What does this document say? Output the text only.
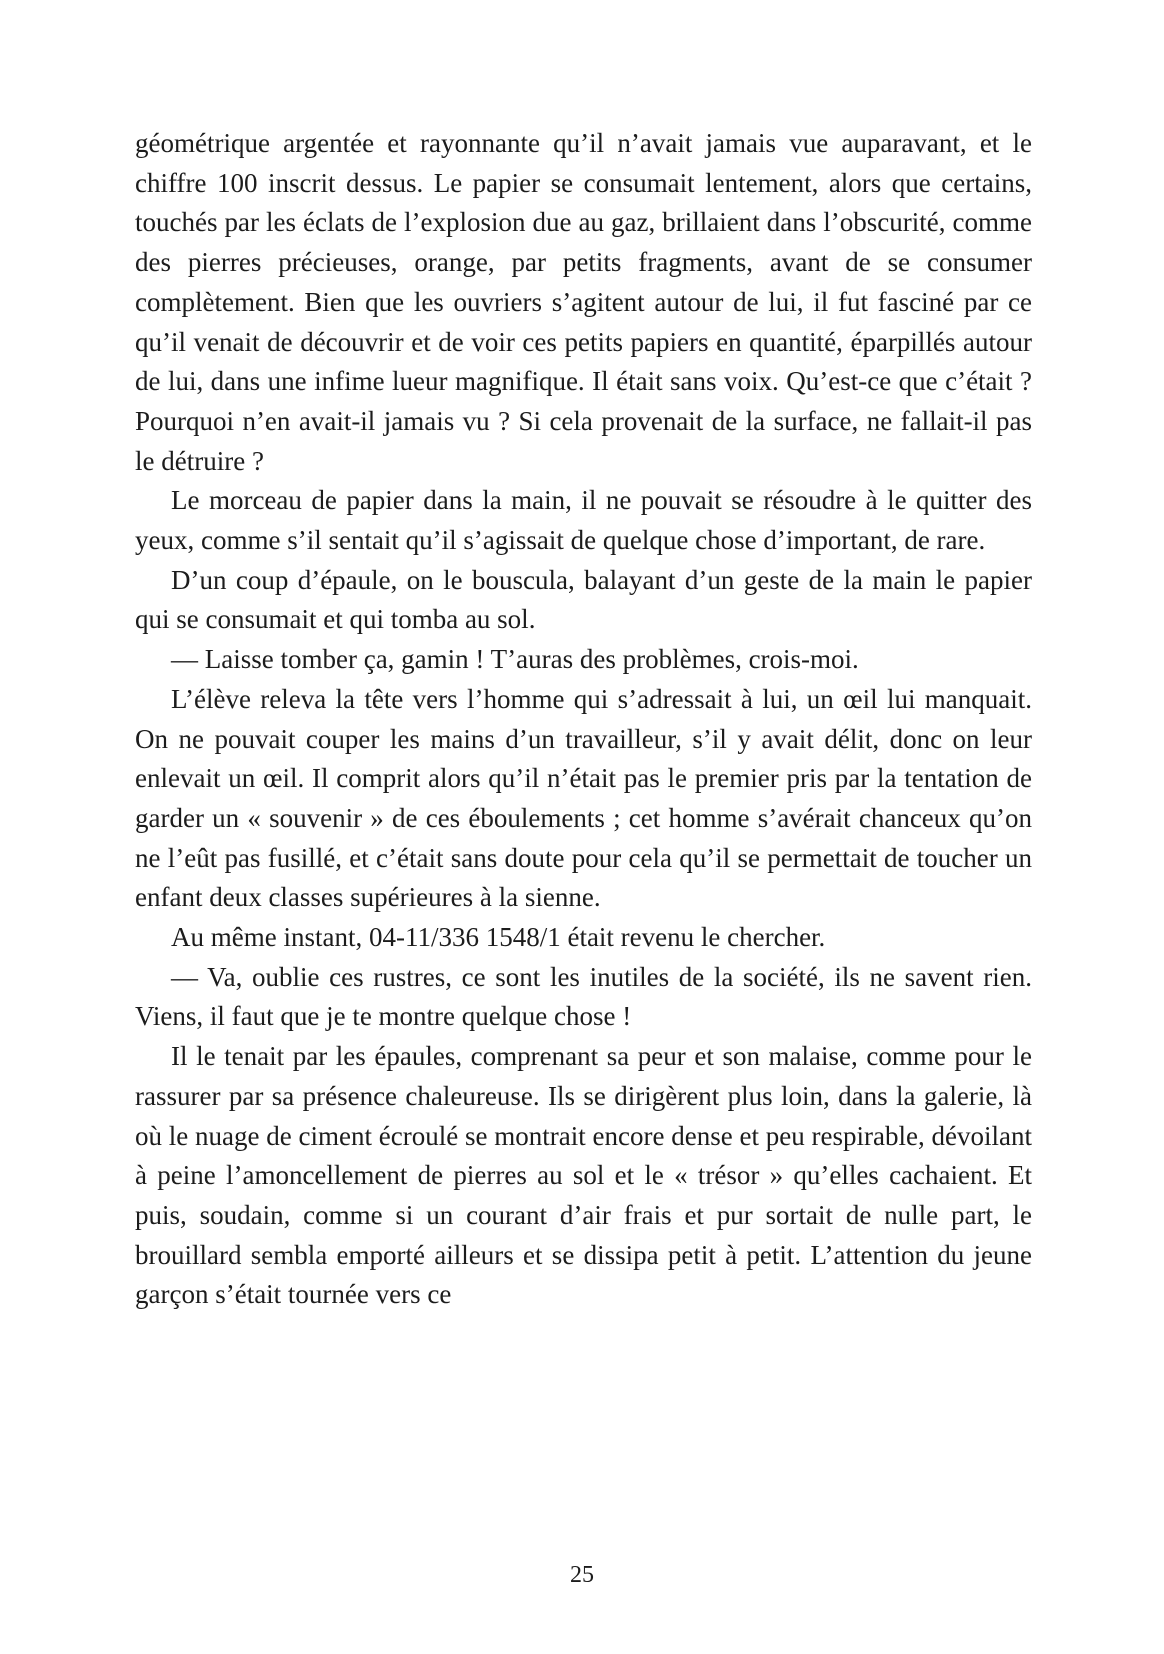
géométrique argentée et rayonnante qu’il n’avait jamais vue auparavant, et le chiffre 100 inscrit dessus. Le papier se consumait lentement, alors que certains, touchés par les éclats de l’explosion due au gaz, brillaient dans l’obscurité, comme des pierres précieuses, orange, par petits fragments, avant de se consumer complètement. Bien que les ouvriers s’agitent autour de lui, il fut fasciné par ce qu’il venait de découvrir et de voir ces petits papiers en quantité, éparpillés autour de lui, dans une infime lueur magnifique. Il était sans voix. Qu’est-ce que c’était ? Pourquoi n’en avait-il jamais vu ? Si cela provenait de la surface, ne fallait-il pas le détruire ?

Le morceau de papier dans la main, il ne pouvait se résoudre à le quitter des yeux, comme s’il sentait qu’il s’agissait de quelque chose d’important, de rare.

D’un coup d’épaule, on le bouscula, balayant d’un geste de la main le papier qui se consumait et qui tomba au sol.

— Laisse tomber ça, gamin ! T’auras des problèmes, crois-moi.

L’élève releva la tête vers l’homme qui s’adressait à lui, un œil lui manquait. On ne pouvait couper les mains d’un travailleur, s’il y avait délit, donc on leur enlevait un œil. Il comprit alors qu’il n’était pas le premier pris par la tentation de garder un « souvenir » de ces éboulements ; cet homme s’avérait chanceux qu’on ne l’eût pas fusillé, et c’était sans doute pour cela qu’il se permettait de toucher un enfant deux classes supérieures à la sienne.

Au même instant, 04-11/336 1548/1 était revenu le chercher.

— Va, oublie ces rustres, ce sont les inutiles de la société, ils ne savent rien. Viens, il faut que je te montre quelque chose !

Il le tenait par les épaules, comprenant sa peur et son malaise, comme pour le rassurer par sa présence chaleureuse. Ils se dirigèrent plus loin, dans la galerie, là où le nuage de ciment écroulé se montrait encore dense et peu respirable, dévoilant à peine l’amoncellement de pierres au sol et le « trésor » qu’elles cachaient. Et puis, soudain, comme si un courant d’air frais et pur sortait de nulle part, le brouillard sembla emporté ailleurs et se dissipa petit à petit. L’attention du jeune garçon s’était tournée vers ce

25
